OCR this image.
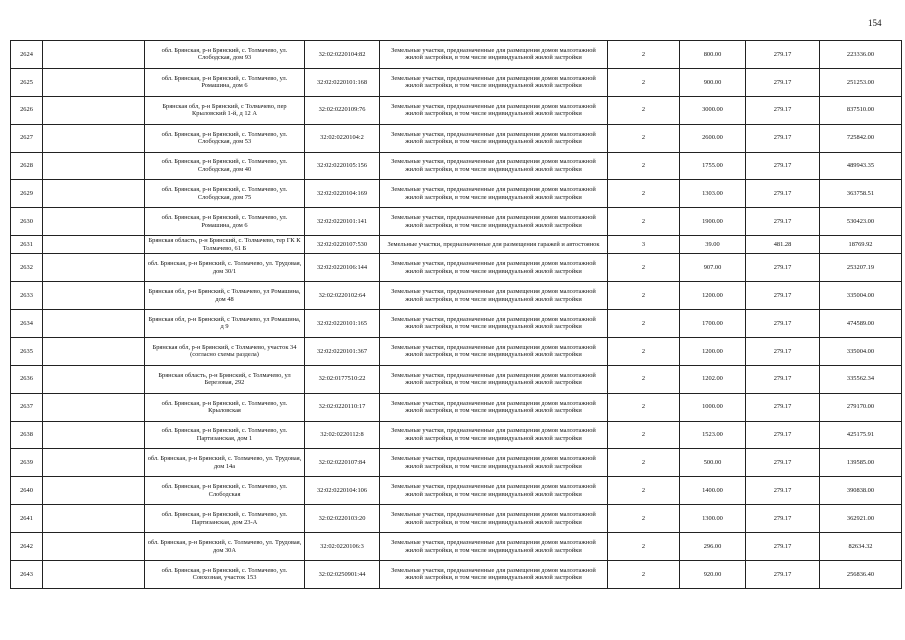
154
2624		обл. Брянская, р-н Брянский, с. Толмачево, ул. Слободская, дом 93	32:02:0220104:82	Земельные участки, предназначенные для размещения домов малоэтажной жилой застройки, в том числе индивидуальной жилой застройки	2	800.00	279.17	223336.00
2625		обл. Брянская, р-н Брянский, с. Толмачево, ул. Ромашина, дом 6	32:02:0220101:168	Земельные участки, предназначенные для размещения домов малоэтажной жилой застройки, в том числе индивидуальной жилой застройки	2	900.00	279.17	251253.00
2626		Брянская обл, р-н Брянский, с Толмачево, пер Крыловский 1-й, д 12 А	32:02:0220109:76	Земельные участки, предназначенные для размещения домов малоэтажной жилой застройки, в том числе индивидуальной жилой застройки	2	3000.00	279.17	837510.00
2627		обл. Брянская, р-н Брянский, с. Толмачево, ул. Слободская, дом 53	32:02:0220104:2	Земельные участки, предназначенные для размещения домов малоэтажной жилой застройки, в том числе индивидуальной жилой застройки	2	2600.00	279.17	725842.00
2628		обл. Брянская, р-н Брянский, с. Толмачево, ул. Слободская, дом 40	32:02:0220105:156	Земельные участки, предназначенные для размещения домов малоэтажной жилой застройки, в том числе индивидуальной жилой застройки	2	1755.00	279.17	489943.35
2629		обл. Брянская, р-н Брянский, с. Толмачево, ул. Слободская, дом 75	32:02:0220104:169	Земельные участки, предназначенные для размещения домов малоэтажной жилой застройки, в том числе индивидуальной жилой застройки	2	1303.00	279.17	363758.51
2630		обл. Брянская, р-н Брянский, с. Толмачево, ул. Ромашина, дом 6	32:02:0220101:141	Земельные участки, предназначенные для размещения домов малоэтажной жилой застройки, в том числе индивидуальной жилой застройки	2	1900.00	279.17	530423.00
2631		Брянская область, р-н Брянский, с. Толмачево, тер ГК К Толмачево, 61 Б	32:02:0220107:530	Земельные участки, предназначенные для размещения гаражей и автостоянок	3	39.00	481.28	18769.92
2632		обл. Брянская, р-н Брянский, с. Толмачево, ул. Трудовая, дом 30/1	32:02:0220106:144	Земельные участки, предназначенные для размещения домов малоэтажной жилой застройки, в том числе индивидуальной жилой застройки	2	907.00	279.17	253207.19
2633		Брянская обл, р-н Брянский, с Толмачево, ул Ромашина, дом 48	32:02:0220102:64	Земельные участки, предназначенные для размещения домов малоэтажной жилой застройки, в том числе индивидуальной жилой застройки	2	1200.00	279.17	335004.00
2634		Брянская обл, р-н Брянский, с Толмачево, ул Ромашина, д 9	32:02:0220101:165	Земельные участки, предназначенные для размещения домов малоэтажной жилой застройки, в том числе индивидуальной жилой застройки	2	1700.00	279.17	474589.00
2635		Брянская обл, р-н Брянский, с Толмачево, участок 34 (согласно схемы раздела)	32:02:0220101:367	Земельные участки, предназначенные для размещения домов малоэтажной жилой застройки, в том числе индивидуальной жилой застройки	2	1200.00	279.17	335004.00
2636		Брянская область, р-н Брянский, с Толмачево, ул Березовая, 292	32:02:0177510:22	Земельные участки, предназначенные для размещения домов малоэтажной жилой застройки, в том числе индивидуальной жилой застройки	2	1202.00	279.17	335562.34
2637		обл. Брянская, р-н Брянский, с. Толмачево, ул. Крыловская	32:02:0220110:17	Земельные участки, предназначенные для размещения домов малоэтажной жилой застройки, в том числе индивидуальной жилой застройки	2	1000.00	279.17	279170.00
2638		обл. Брянская, р-н Брянский, с. Толмачево, ул. Партизанская, дом 1	32:02:0220112:8	Земельные участки, предназначенные для размещения домов малоэтажной жилой застройки, в том числе индивидуальной жилой застройки	2	1523.00	279.17	425175.91
2639		обл. Брянская, р-н Брянский, с. Толмачево, ул. Трудовая, дом 14а	32:02:0220107:84	Земельные участки, предназначенные для размещения домов малоэтажной жилой застройки, в том числе индивидуальной жилой застройки	2	500.00	279.17	139585.00
2640		обл. Брянская, р-н Брянский, с. Толмачево, ул. Слободская	32:02:0220104:106	Земельные участки, предназначенные для размещения домов малоэтажной жилой застройки, в том числе индивидуальной жилой застройки	2	1400.00	279.17	390838.00
2641		обл. Брянская, р-н Брянский, с. Толмачево, ул. Партизанская, дом 23-А	32:02:0220103:20	Земельные участки, предназначенные для размещения домов малоэтажной жилой застройки, в том числе индивидуальной жилой застройки	2	1300.00	279.17	362921.00
2642		обл. Брянская, р-н Брянский, с. Толмачево, ул. Трудовая, дом 30А	32:02:0220106:3	Земельные участки, предназначенные для размещения домов малоэтажной жилой застройки, в том числе индивидуальной жилой застройки	2	296.00	279.17	82634.32
2643		обл. Брянская, р-н Брянский, с. Толмачево, ул. Совхозная, участок 153	32:02:0250901:44	Земельные участки, предназначенные для размещения домов малоэтажной жилой застройки, в том числе индивидуальной жилой застройки	2	920.00	279.17	256836.40
